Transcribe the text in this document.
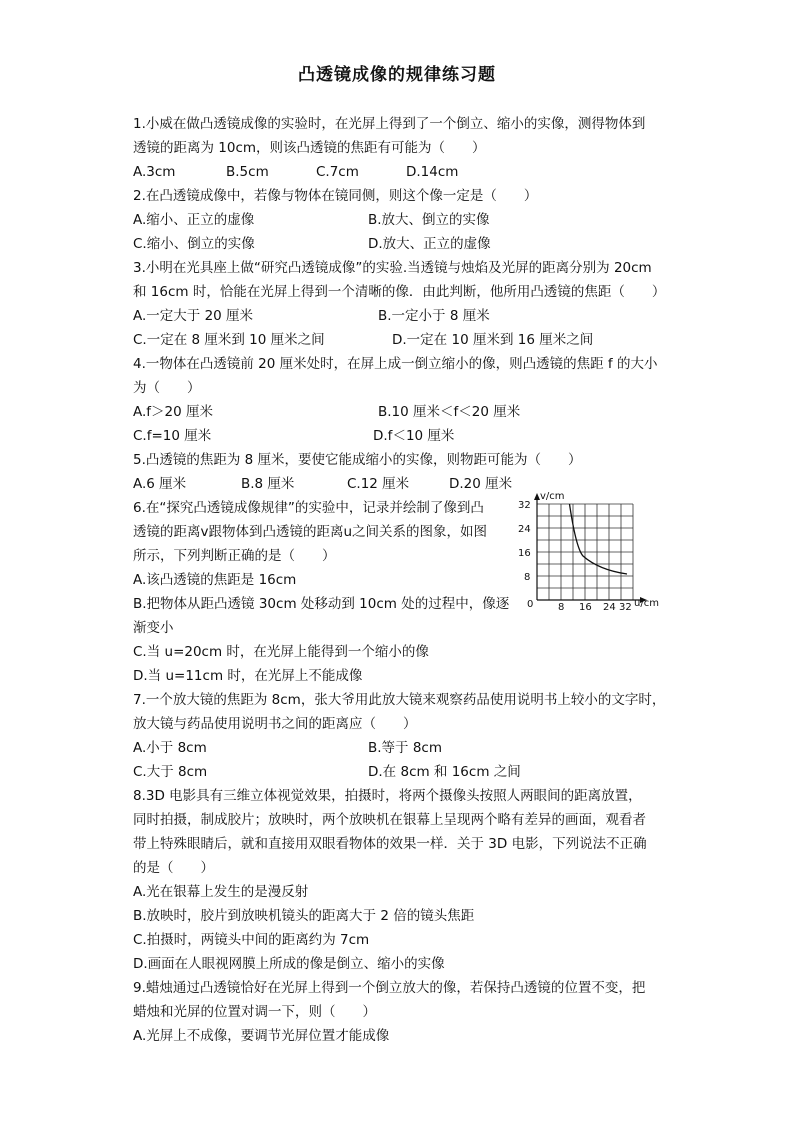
凸透镜成像的规律练习题
1.小威在做凸透镜成像的实验时，在光屏上得到了一个倒立、缩小的实像，测得物体到
透镜的距离为 10cm，则该凸透镜的焦距有可能为（　　）
A.3cm	B.5cm	C.7cm	D.14cm
2.在凸透镜成像中，若像与物体在镜同侧，则这个像一定是（　　）
A.缩小、正立的虚像	B.放大、倒立的实像
C.缩小、倒立的实像	D.放大、正立的虚像
3.小明在光具座上做“研究凸透镜成像”的实验.当透镜与烛焰及光屏的距离分别为 20cm
和 16cm 时，恰能在光屏上得到一个清晰的像．由此判断，他所用凸透镜的焦距（　　）
A.一定大于 20 厘米	B.一定小于 8 厘米
C.一定在 8 厘米到 10 厘米之间	D.一定在 10 厘米到 16 厘米之间
4.一物体在凸透镜前 20 厘米处时，在屏上成一倒立缩小的像，则凸透镜的焦距 f 的大小
为（　　）
A.f＞20 厘米	B.10 厘米＜f＜20 厘米
C.f=10 厘米	D.f＜10 厘米
5.凸透镜的焦距为 8 厘米，要使它能成缩小的实像，则物距可能为（　　）
A.6 厘米	B.8 厘米	C.12 厘米	D.20 厘米
6.在“探究凸透镜成像规律”的实验中，记录并绘制了像到凸
透镜的距离v跟物体到凸透镜的距离u之间关系的图象，如图
所示，下列判断正确的是（　　）
A.该凸透镜的焦距是 16cm
B.把物体从距凸透镜 30cm 处移动到 10cm 处的过程中，像逐
渐变小
C.当 u=20cm 时，在光屏上能得到一个缩小的像
D.当 u=11cm 时，在光屏上不能成像
7.一个放大镜的焦距为 8cm，张大爷用此放大镜来观察药品使用说明书上较小的文字时，
放大镜与药品使用说明书之间的距离应（　　）
A.小于 8cm	B.等于 8cm
C.大于 8cm	D.在 8cm 和 16cm 之间
8.3D 电影具有三维立体视觉效果，拍摄时，将两个摄像头按照人两眼间的距离放置，
同时拍摄，制成胶片；放映时，两个放映机在银幕上呈现两个略有差异的画面，观看者
带上特殊眼睛后，就和直接用双眼看物体的效果一样．关于 3D 电影，下列说法不正确
的是（　　）
A.光在银幕上发生的是漫反射
B.放映时，胶片到放映机镜头的距离大于 2 倍的镜头焦距
C.拍摄时，两镜头中间的距离约为 7cm
D.画面在人眼视网膜上所成的像是倒立、缩小的实像
9.蜡烛通过凸透镜恰好在光屏上得到一个倒立放大的像，若保持凸透镜的位置不变，把
蜡烛和光屏的位置对调一下，则（　　）
A.光屏上不成像，要调节光屏位置才能成像
v/cm
u/cm
0
32
24
16
8
8 16 24 32
